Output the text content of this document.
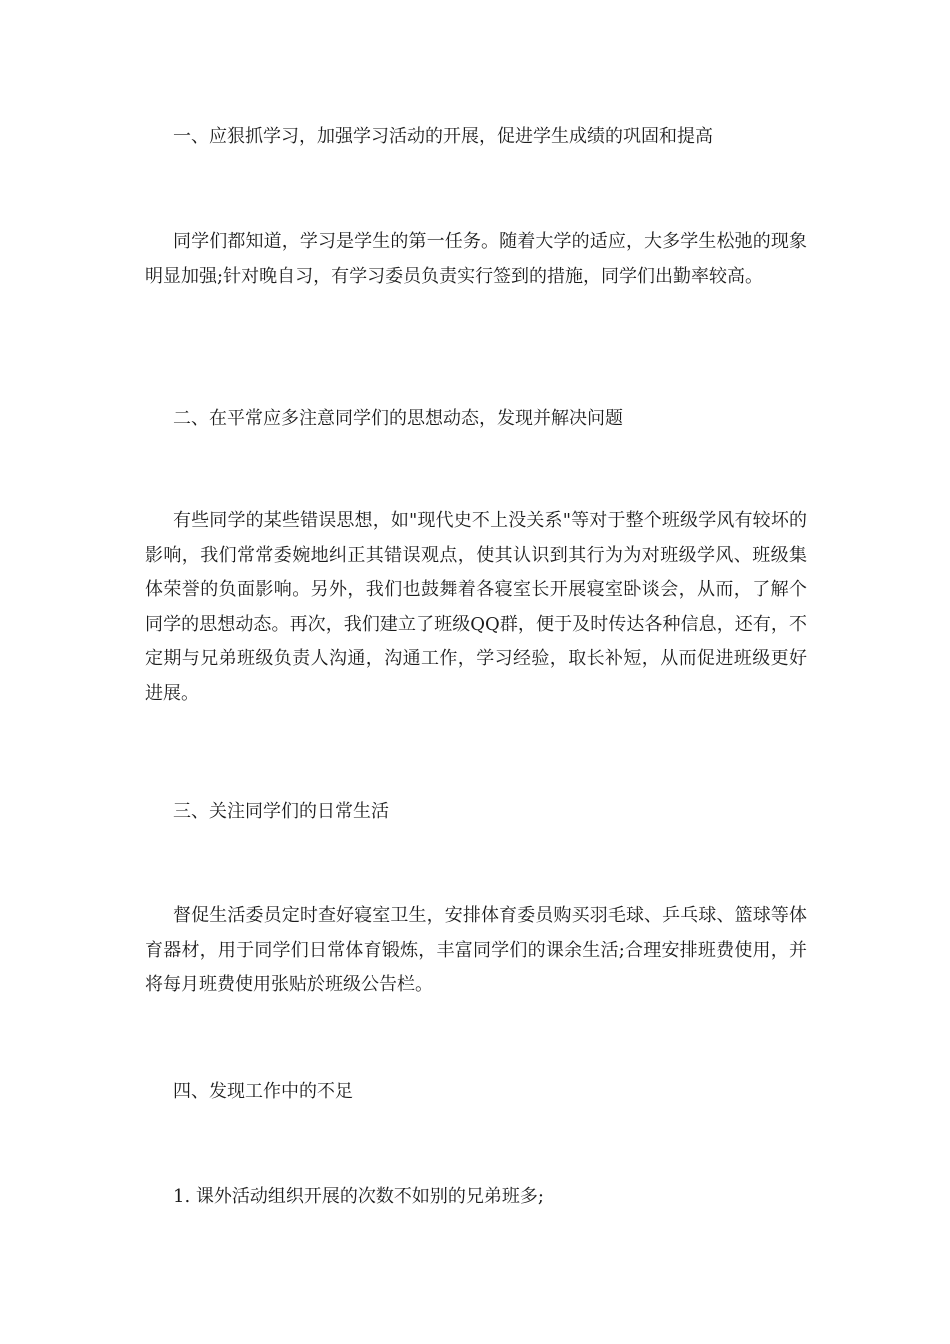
一、应狠抓学习，加强学习活动的开展，促进学生成绩的巩固和提高

同学们都知道，学习是学生的第一任务。随着大学的适应，大多学生松弛的现象明显加强;针对晚自习，有学习委员负责实行签到的措施，同学们出勤率较高。

二、在平常应多注意同学们的思想动态，发现并解决问题

有些同学的某些错误思想，如"现代史不上没关系"等对于整个班级学风有较坏的影响，我们常常委婉地纠正其错误观点，使其认识到其行为为对班级学风、班级集体荣誉的负面影响。另外，我们也鼓舞着各寝室长开展寝室卧谈会，从而，了解个同学的思想动态。再次，我们建立了班级QQ群，便于及时传达各种信息，还有，不定期与兄弟班级负责人沟通，沟通工作，学习经验，取长补短，从而促进班级更好进展。

三、关注同学们的日常生活

督促生活委员定时查好寝室卫生，安排体育委员购买羽毛球、乒乓球、篮球等体育器材，用于同学们日常体育锻炼，丰富同学们的课余生活;合理安排班费使用，并将每月班费使用张贴於班级公告栏。

四、发现工作中的不足

1. 课外活动组织开展的次数不如别的兄弟班多;
